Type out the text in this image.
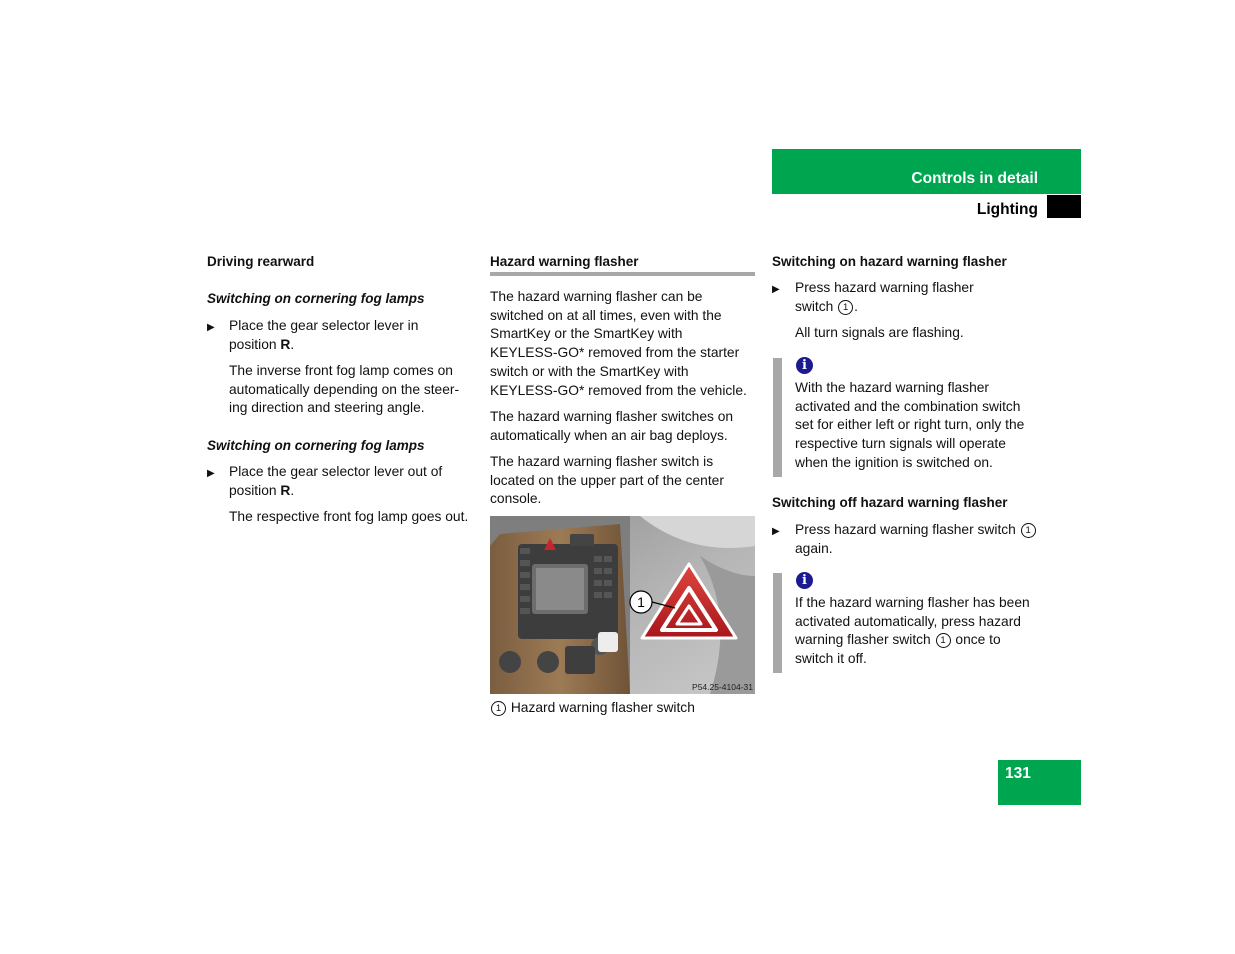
Controls in detail
Lighting
Driving rearward
Switching on cornering fog lamps
▶ Place the gear selector lever in position R.
The inverse front fog lamp comes on automatically depending on the steer-ing direction and steering angle.
Switching on cornering fog lamps
▶ Place the gear selector lever out of position R.
The respective front fog lamp goes out.
Hazard warning flasher
The hazard warning flasher can be switched on at all times, even with the SmartKey or the SmartKey with KEYLESS-GO* removed from the starter switch or with the SmartKey with KEYLESS-GO* removed from the vehicle.
The hazard warning flasher switches on automatically when an air bag deploys.
The hazard warning flasher switch is located on the upper part of the center console.
1
P54.25-4104-31
1 Hazard warning flasher switch
Switching on hazard warning flasher
▶ Press hazard warning flasher switch 1 .
All turn signals are flashing.
i
With the hazard warning flasher activated and the combination switch set for either left or right turn, only the respective turn signals will operate when the ignition is switched on.
Switching off hazard warning flasher
▶ Press hazard warning flasher switch 1 again.
i
If the hazard warning flasher has been activated automatically, press hazard warning flasher switch 1 once to switch it off.
131
